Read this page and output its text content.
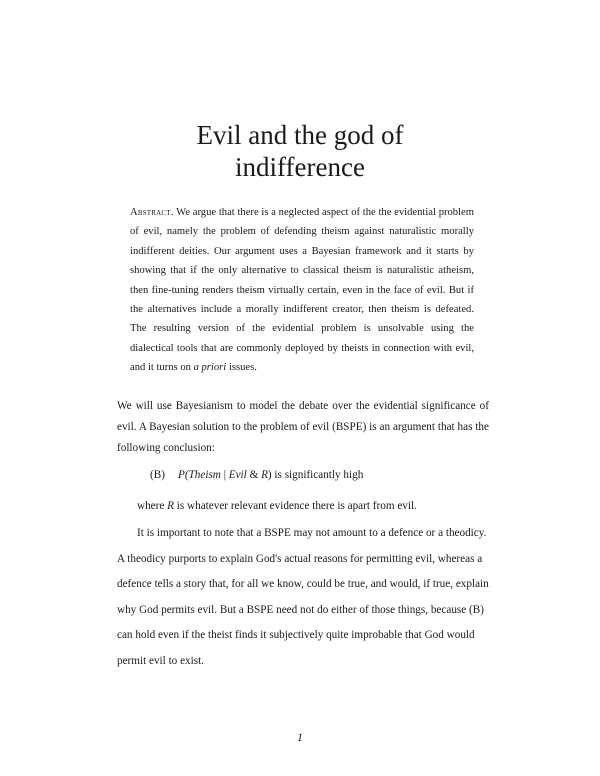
Evil and the god of
indifference
Abstract. We argue that there is a neglected aspect of the the evidential problem of evil, namely the problem of defending theism against naturalistic morally indifferent deities. Our argument uses a Bayesian framework and it starts by showing that if the only alternative to classical theism is naturalistic atheism, then fine-tuning renders theism virtually certain, even in the face of evil. But if the alternatives include a morally indifferent creator, then theism is defeated. The resulting version of the evidential problem is unsolvable using the dialectical tools that are commonly deployed by theists in connection with evil, and it turns on a priori issues.

We will use Bayesianism to model the debate over the evidential significance of evil. A Bayesian solution to the problem of evil (BSPE) is an argument that has the following conclusion:

(B)	P(Theism | Evil & R) is significantly high

where R is whatever relevant evidence there is apart from evil.

It is important to note that a BSPE may not amount to a defence or a theodicy. A theodicy purports to explain God's actual reasons for permitting evil, whereas a defence tells a story that, for all we know, could be true, and would, if true, explain why God permits evil. But a BSPE need not do either of those things, because (B) can hold even if the theist finds it subjectively quite improbable that God would permit evil to exist.

1
